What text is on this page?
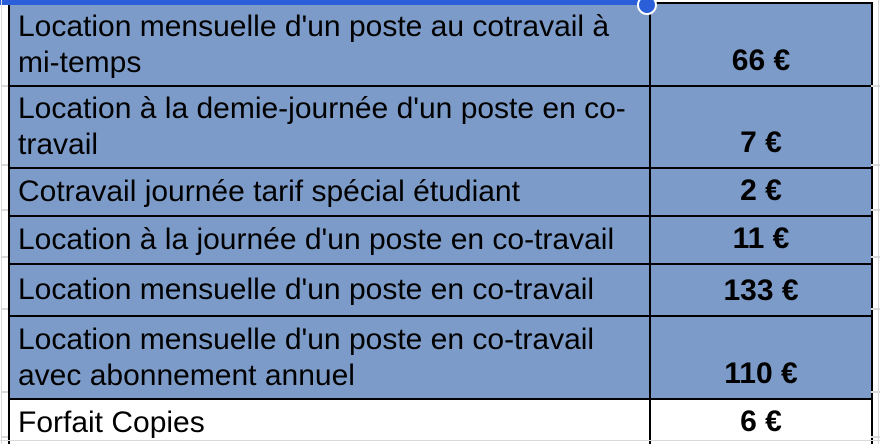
Location mensuelle d'un poste au cotravail à mi-temps	66 €
Location à la demie-journée d'un poste en co-travail	7 €
Cotravail journée tarif spécial étudiant	2 €
Location à la journée d'un poste en co-travail	11 €
Location mensuelle d'un poste en co-travail	133 €
Location mensuelle d'un poste en co-travail avec abonnement annuel	110 €
Forfait Copies	6 €
